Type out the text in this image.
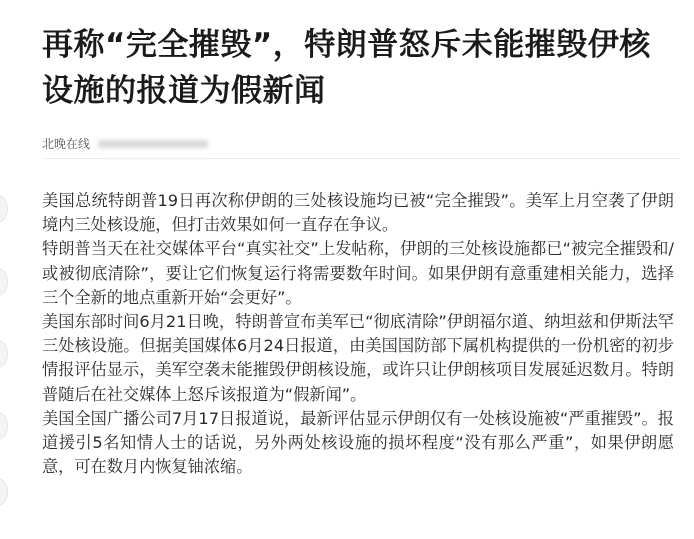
再称“完全摧毁”，特朗普怒斥未能摧毁伊核设施的报道为假新闻
北晚在线

美国总统特朗普19日再次称伊朗的三处核设施均已被“完全摧毁”。美军上月空袭了伊朗境内三处核设施，但打击效果如何一直存在争议。

特朗普当天在社交媒体平台“真实社交”上发帖称，伊朗的三处核设施都已“被完全摧毁和/或被彻底清除”，要让它们恢复运行将需要数年时间。如果伊朗有意重建相关能力，选择三个全新的地点重新开始“会更好”。

美国东部时间6月21日晚，特朗普宣布美军已“彻底清除”伊朗福尔道、纳坦兹和伊斯法罕三处核设施。但据美国媒体6月24日报道，由美国国防部下属机构提供的一份机密的初步情报评估显示，美军空袭未能摧毁伊朗核设施，或许只让伊朗核项目发展延迟数月。特朗普随后在社交媒体上怒斥该报道为“假新闻”。

美国全国广播公司7月17日报道说，最新评估显示伊朗仅有一处核设施被“严重摧毁”。报道援引5名知情人士的话说，另外两处核设施的损坏程度“没有那么严重”，如果伊朗愿意，可在数月内恢复铀浓缩。
